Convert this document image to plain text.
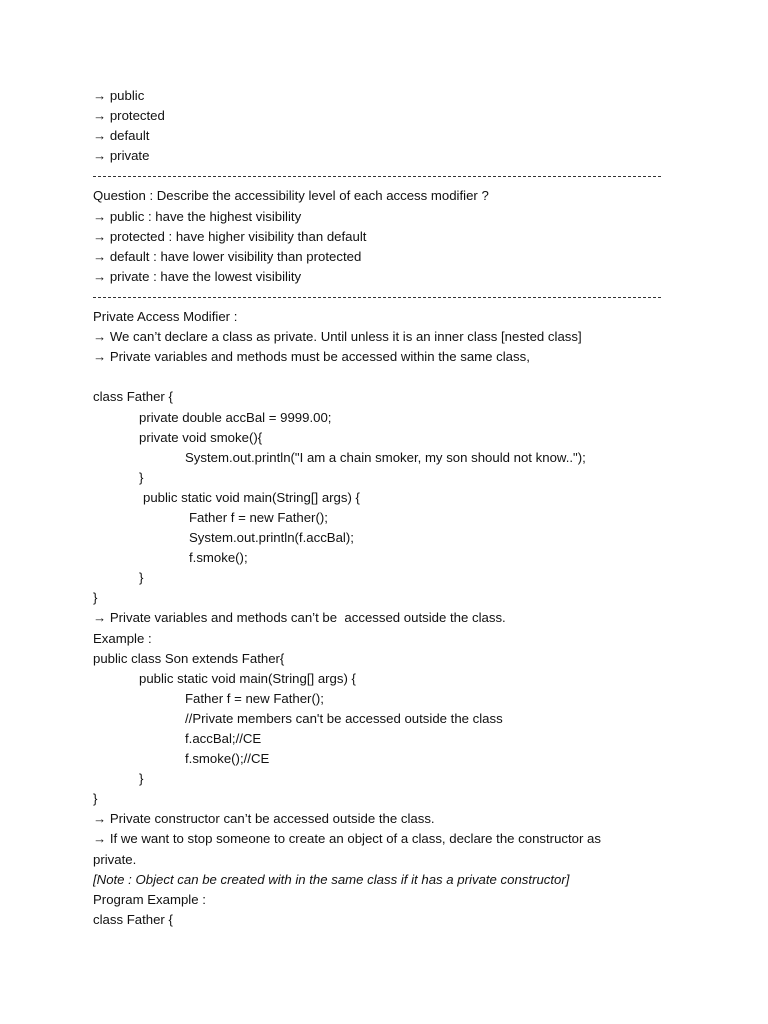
→ public
→ protected
→ default
→ private
Question : Describe the accessibility level of each access modifier ?
→ public : have the highest visibility
→ protected : have higher visibility than default
→ default : have lower visibility than protected
→ private : have the lowest visibility
Private Access Modifier :
→ We can’t declare a class as private. Until unless it is an inner class [nested class]
→ Private variables and methods must be accessed within the same class,
class Father {
private double accBal = 9999.00;
private void smoke(){
System.out.println("I am a chain smoker, my son should not know..");
}
public static void main(String[] args) {
Father f = new Father();
System.out.println(f.accBal);
f.smoke();
}
}
→ Private variables and methods can’t be  accessed outside the class.
Example :
public class Son extends Father{
public static void main(String[] args) {
Father f = new Father();
//Private members can't be accessed outside the class
f.accBal;//CE
f.smoke();//CE
}
}
→ Private constructor can’t be accessed outside the class.
→ If we want to stop someone to create an object of a class, declare the constructor as
private.
[Note : Object can be created with in the same class if it has a private constructor]
Program Example :
class Father {
